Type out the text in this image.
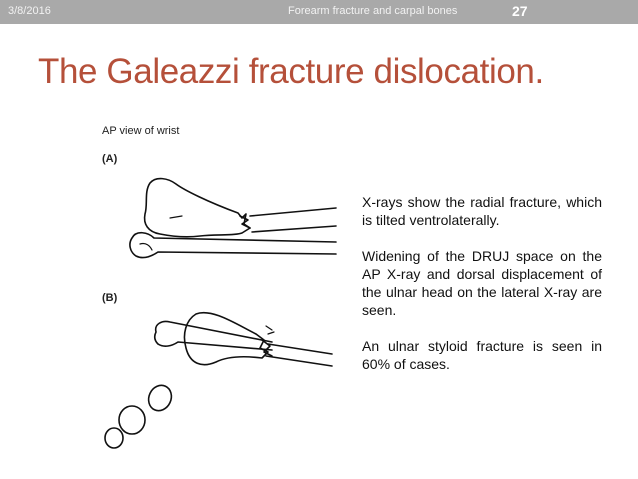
3/8/2016	Forearm fracture and carpal bones	27
The Galeazzi fracture dislocation.
AP view of wrist
(A)
(B)

X-rays show the radial fracture, which is tilted ventrolaterally.

Widening of the DRUJ space on the AP X-ray and dorsal displacement of the ulnar head on the lateral X-ray are seen.

An ulnar styloid fracture is seen in 60% of cases.
